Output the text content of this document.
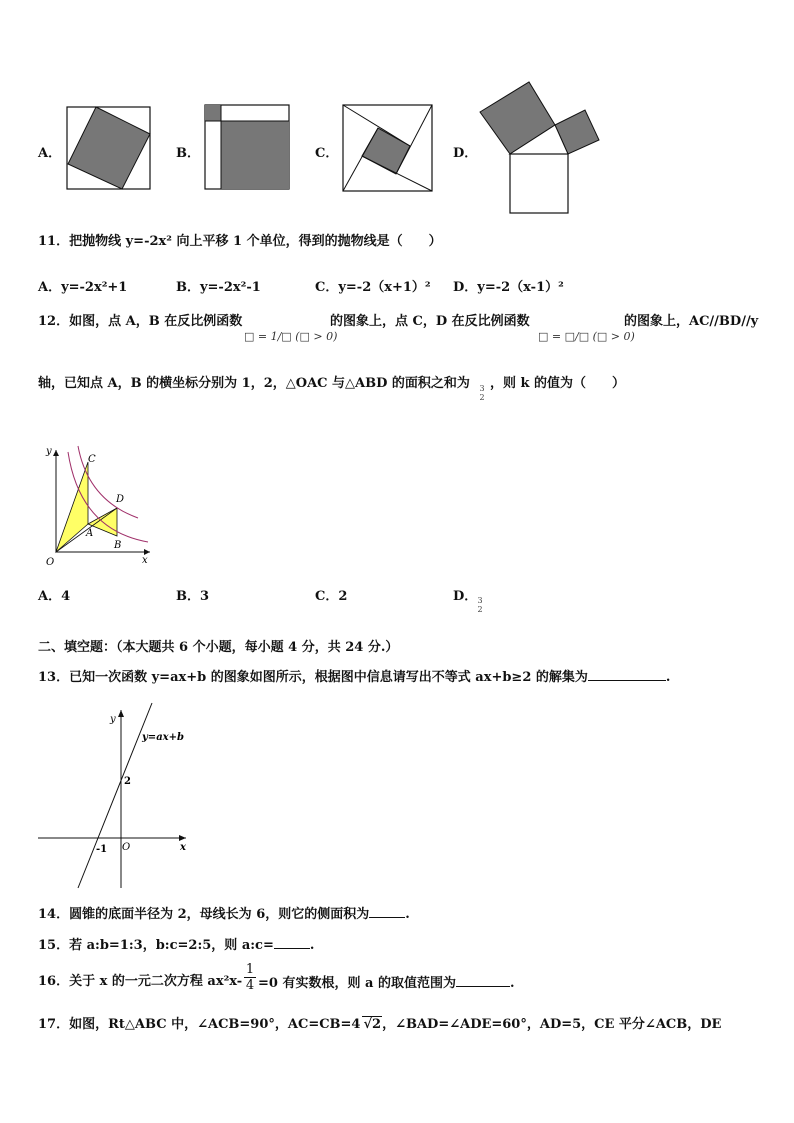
A．	B．	C．	D．
11．把抛物线 y=-2x² 向上平移 1 个单位，得到的抛物线是（　　）
A．y=-2x²+1	B．y=-2x²-1	C．y=-2（x+1）² D．y=-2（x-1）²
12．如图，点 A，B 在反比例函数
□ = 1/□ (□ > 0)
的图象上，点 C，D 在反比例函数
□ = □/□ (□ > 0)
的图象上，AC//BD//y
轴，已知点 A，B 的横坐标分别为 1，2，△OAC 与△ABD 的面积之和为	3
2
，则 k 的值为（　　）
y
x
O
A
B
C
D
A．4	B．3	C．2	D． 3
2
二、填空题：（本大题共 6 个小题，每小题 4 分，共 24 分.）
13．已知一次函数 y=ax+b 的图象如图所示，根据图中信息请写出不等式 ax+b≥2 的解集为	.
y
x
O
y=ax+b
2
-1
14．圆锥的底面半径为 2，母线长为 6，则它的侧面积为	.
15．若 a:b=1:3，b:c=2:5，则 a:c=	.
16．关于 x 的一元二次方程 $ax^2x- \frac{1}{4} =0$ 有实数根，则 a 的取值范围为	.
17．如图，Rt△ABC 中，∠ACB=90°，AC=CB=4 √2，∠BAD=∠ADE=60°，AD=5，CE 平分∠ACB，DE
